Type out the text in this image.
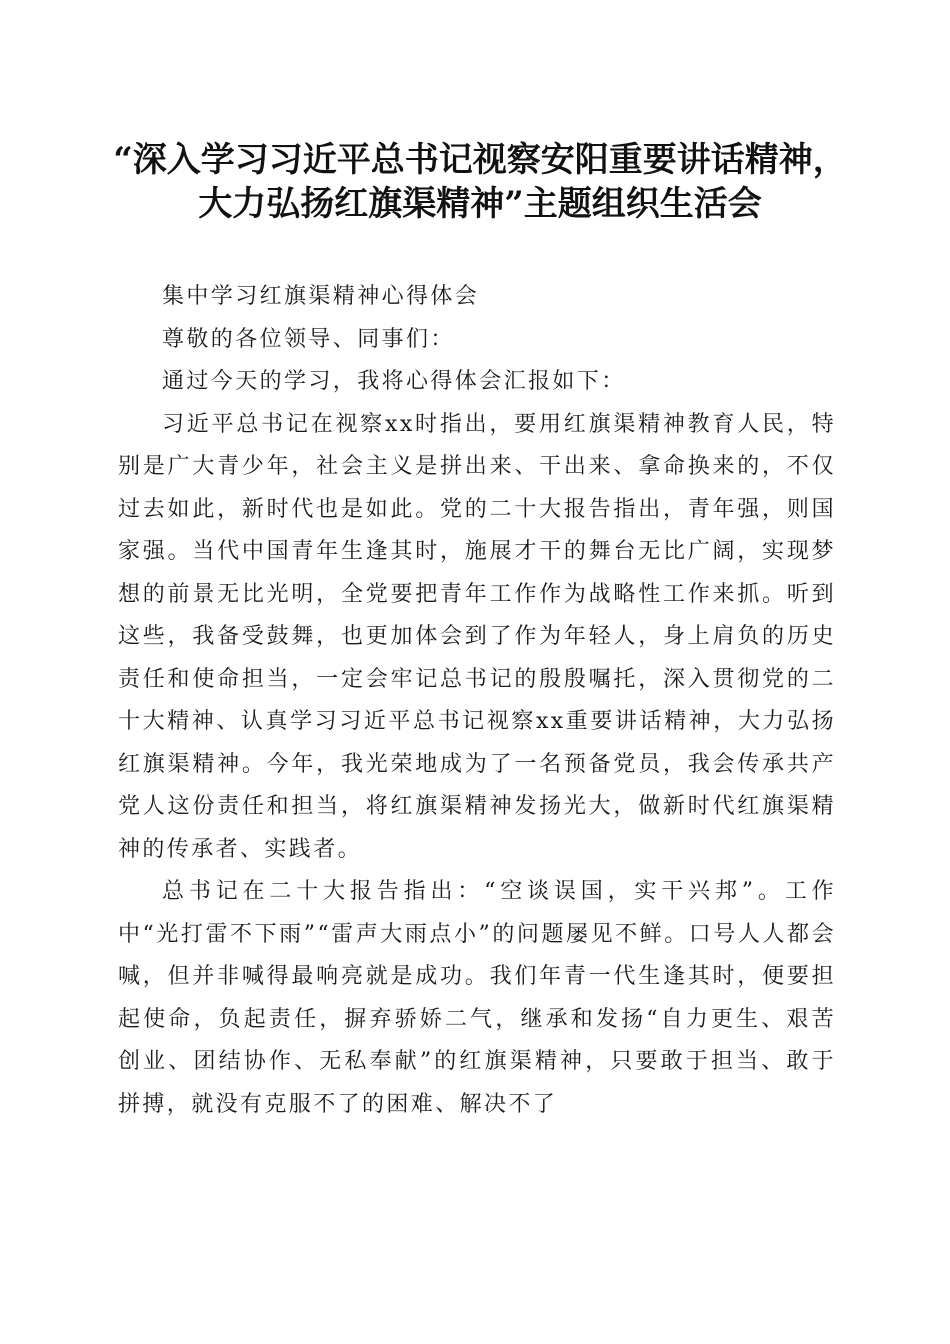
“深入学习习近平总书记视察安阳重要讲话精神，大力弘扬红旗渠精神”主题组织生活会

集中学习红旗渠精神心得体会

尊敬的各位领导、同事们：

通过今天的学习，我将心得体会汇报如下：

习近平总书记在视察xx时指出，要用红旗渠精神教育人民，特别是广大青少年，社会主义是拼出来、干出来、拿命换来的，不仅过去如此，新时代也是如此。党的二十大报告指出，青年强，则国家强。当代中国青年生逢其时，施展才干的舞台无比广阔，实现梦想的前景无比光明，全党要把青年工作作为战略性工作来抓。听到这些，我备受鼓舞，也更加体会到了作为年轻人，身上肩负的历史责任和使命担当，一定会牢记总书记的殷殷嘱托，深入贯彻党的二十大精神、认真学习习近平总书记视察xx重要讲话精神，大力弘扬红旗渠精神。今年，我光荣地成为了一名预备党员，我会传承共产党人这份责任和担当，将红旗渠精神发扬光大，做新时代红旗渠精神的传承者、实践者。

总书记在二十大报告指出：“空谈误国，实干兴邦”。工作中“光打雷不下雨”“雷声大雨点小”的问题屡见不鲜。口号人人都会喊，但并非喊得最响亮就是成功。我们年青一代生逢其时，便要担起使命，负起责任，摒弃骄娇二气，继承和发扬“自力更生、艰苦创业、团结协作、无私奉献”的红旗渠精神，只要敢于担当、敢于拼搏，就没有克服不了的困难、解决不了
